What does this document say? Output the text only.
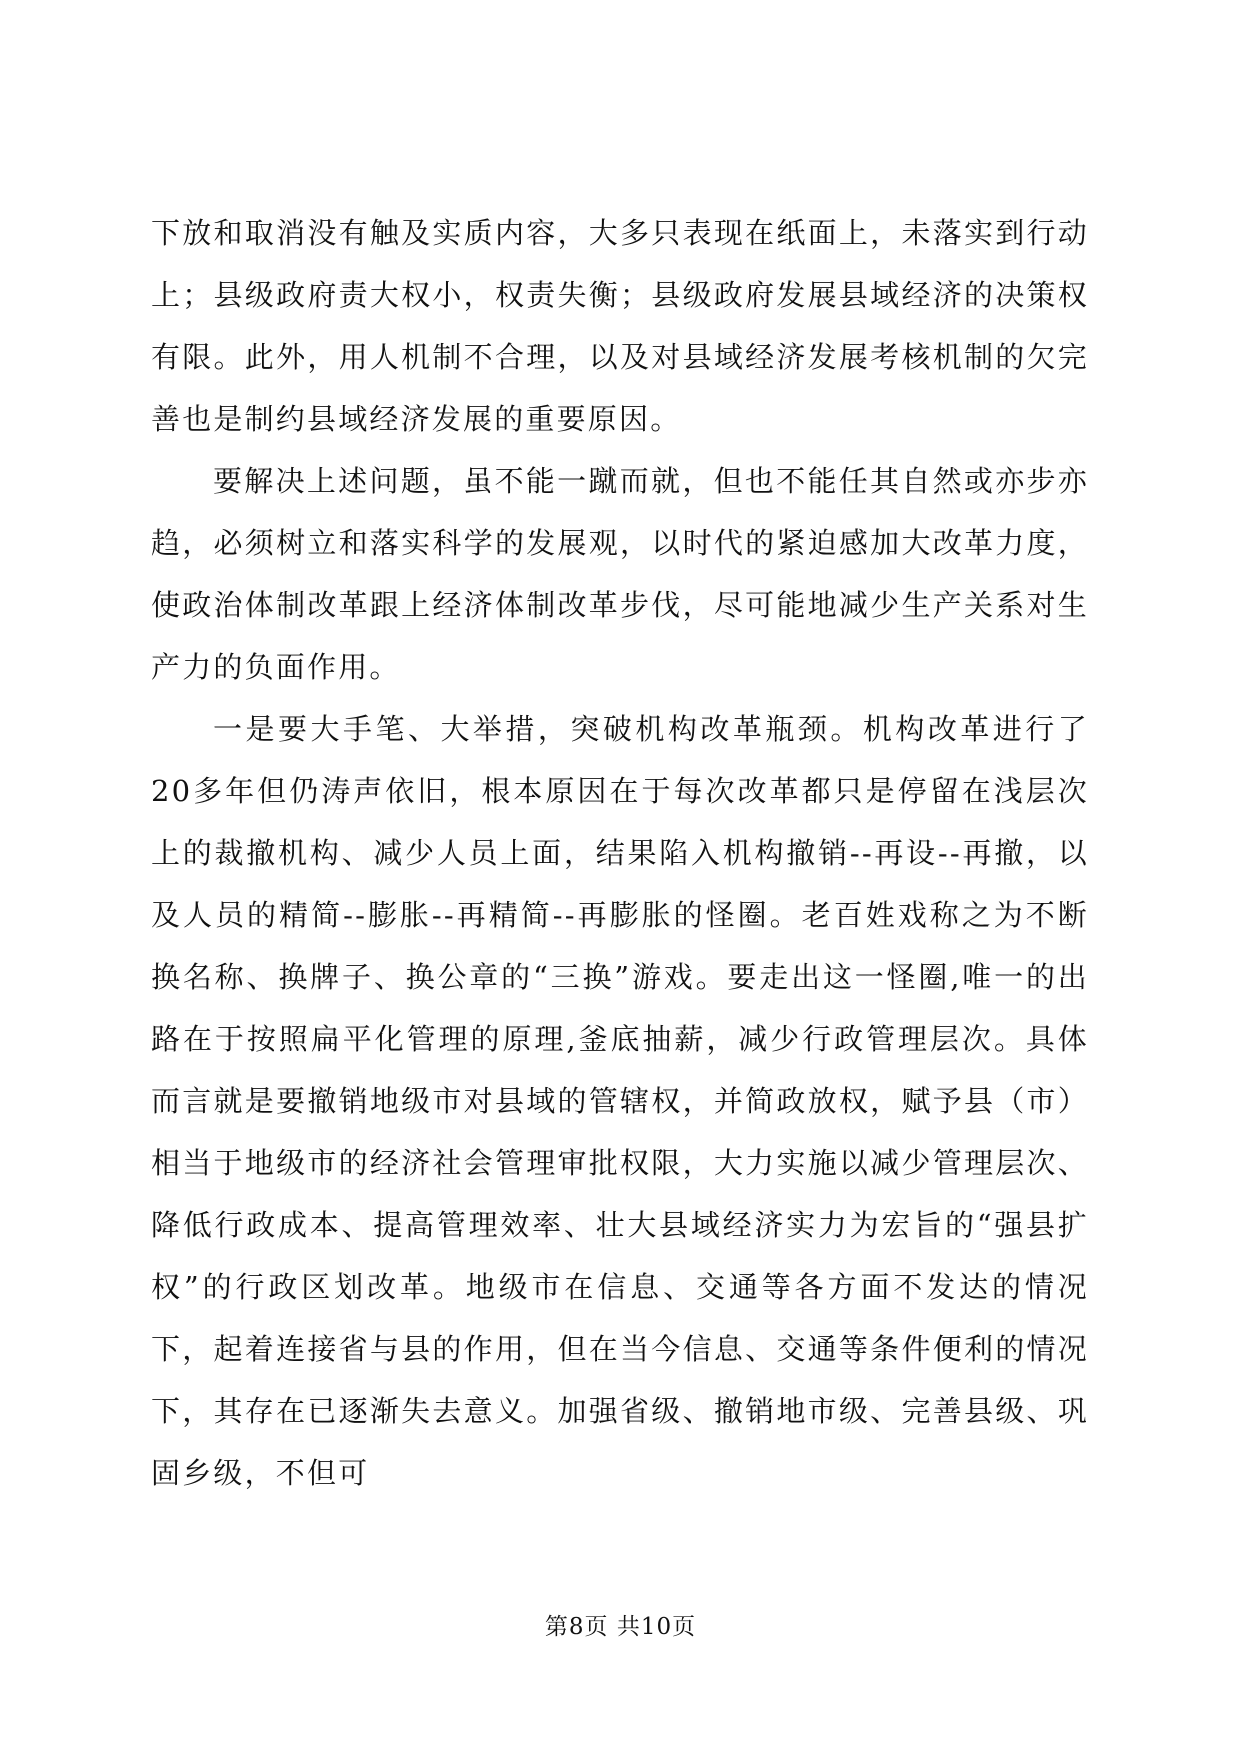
下放和取消没有触及实质内容，大多只表现在纸面上，未落实到行动上；县级政府责大权小，权责失衡；县级政府发展县域经济的决策权有限。此外，用人机制不合理，以及对县域经济发展考核机制的欠完善也是制约县域经济发展的重要原因。

要解决上述问题，虽不能一蹴而就，但也不能任其自然或亦步亦趋，必须树立和落实科学的发展观，以时代的紧迫感加大改革力度，使政治体制改革跟上经济体制改革步伐，尽可能地减少生产关系对生产力的负面作用。

一是要大手笔、大举措，突破机构改革瓶颈。机构改革进行了20多年但仍涛声依旧，根本原因在于每次改革都只是停留在浅层次上的裁撤机构、减少人员上面，结果陷入机构撤销--再设--再撤，以及人员的精简--膨胀--再精简--再膨胀的怪圈。老百姓戏称之为不断换名称、换牌子、换公章的“三换”游戏。要走出这一怪圈,唯一的出路在于按照扁平化管理的原理,釜底抽薪，减少行政管理层次。具体而言就是要撤销地级市对县域的管辖权，并简政放权，赋予县（市）相当于地级市的经济社会管理审批权限，大力实施以减少管理层次、降低行政成本、提高管理效率、壮大县域经济实力为宏旨的“强县扩权”的行政区划改革。地级市在信息、交通等各方面不发达的情况下，起着连接省与县的作用，但在当今信息、交通等条件便利的情况下，其存在已逐渐失去意义。加强省级、撤销地市级、完善县级、巩固乡级，不但可

第8页 共10页
